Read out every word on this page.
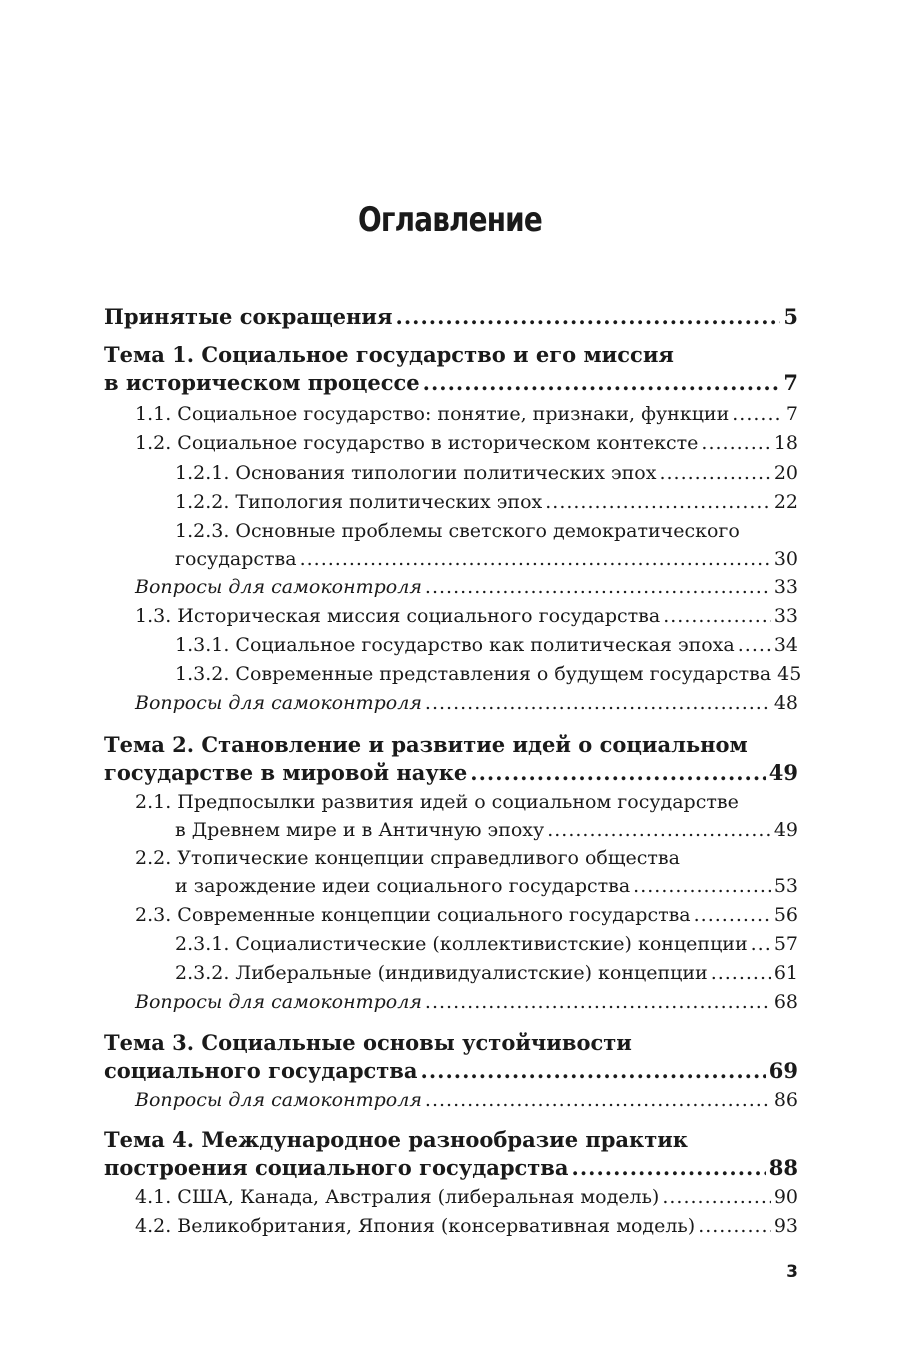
Оглавление
Принятые сокращения .....	5
Тема 1. Социальное государство и его миссия
в историческом процессе .....	7
1.1. Социальное государство: понятие, признаки, функции .....	7
1.2. Социальное государство в историческом контексте .....	18
1.2.1. Основания типологии политических эпох .....	20
1.2.2. Типология политических эпох .....	22
1.2.3. Основные проблемы светского демократического
государства .....	30
Вопросы для самоконтроля .....	33
1.3. Историческая миссия социального государства .....	33
1.3.1. Социальное государство как политическая эпоха ..... 34
1.3.2. Современные представления о будущем государства 45
Вопросы для самоконтроля .....	48
Тема 2. Становление и развитие идей о социальном
государстве в мировой науке .....	49
2.1. Предпосылки развития идей о социальном государстве
в Древнем мире и в Античную эпоху .....	49
2.2. Утопические концепции справедливого общества
и зарождение идеи социального государства .....	53
2.3. Современные концепции социального государства .....	56
2.3.1. Социалистические (коллективистские) концепции ..... 57
2.3.2. Либеральные (индивидуалистские) концепции .....	61
Вопросы для самоконтроля .....	68
Тема 3. Социальные основы устойчивости
социального государства .....	69
Вопросы для самоконтроля .....	86
Тема 4. Международное разнообразие практик
построения социального государства .....	88
4.1. США, Канада, Австралия (либеральная модель) .....	90
4.2. Великобритания, Япония (консервативная модель) .....	93
3
